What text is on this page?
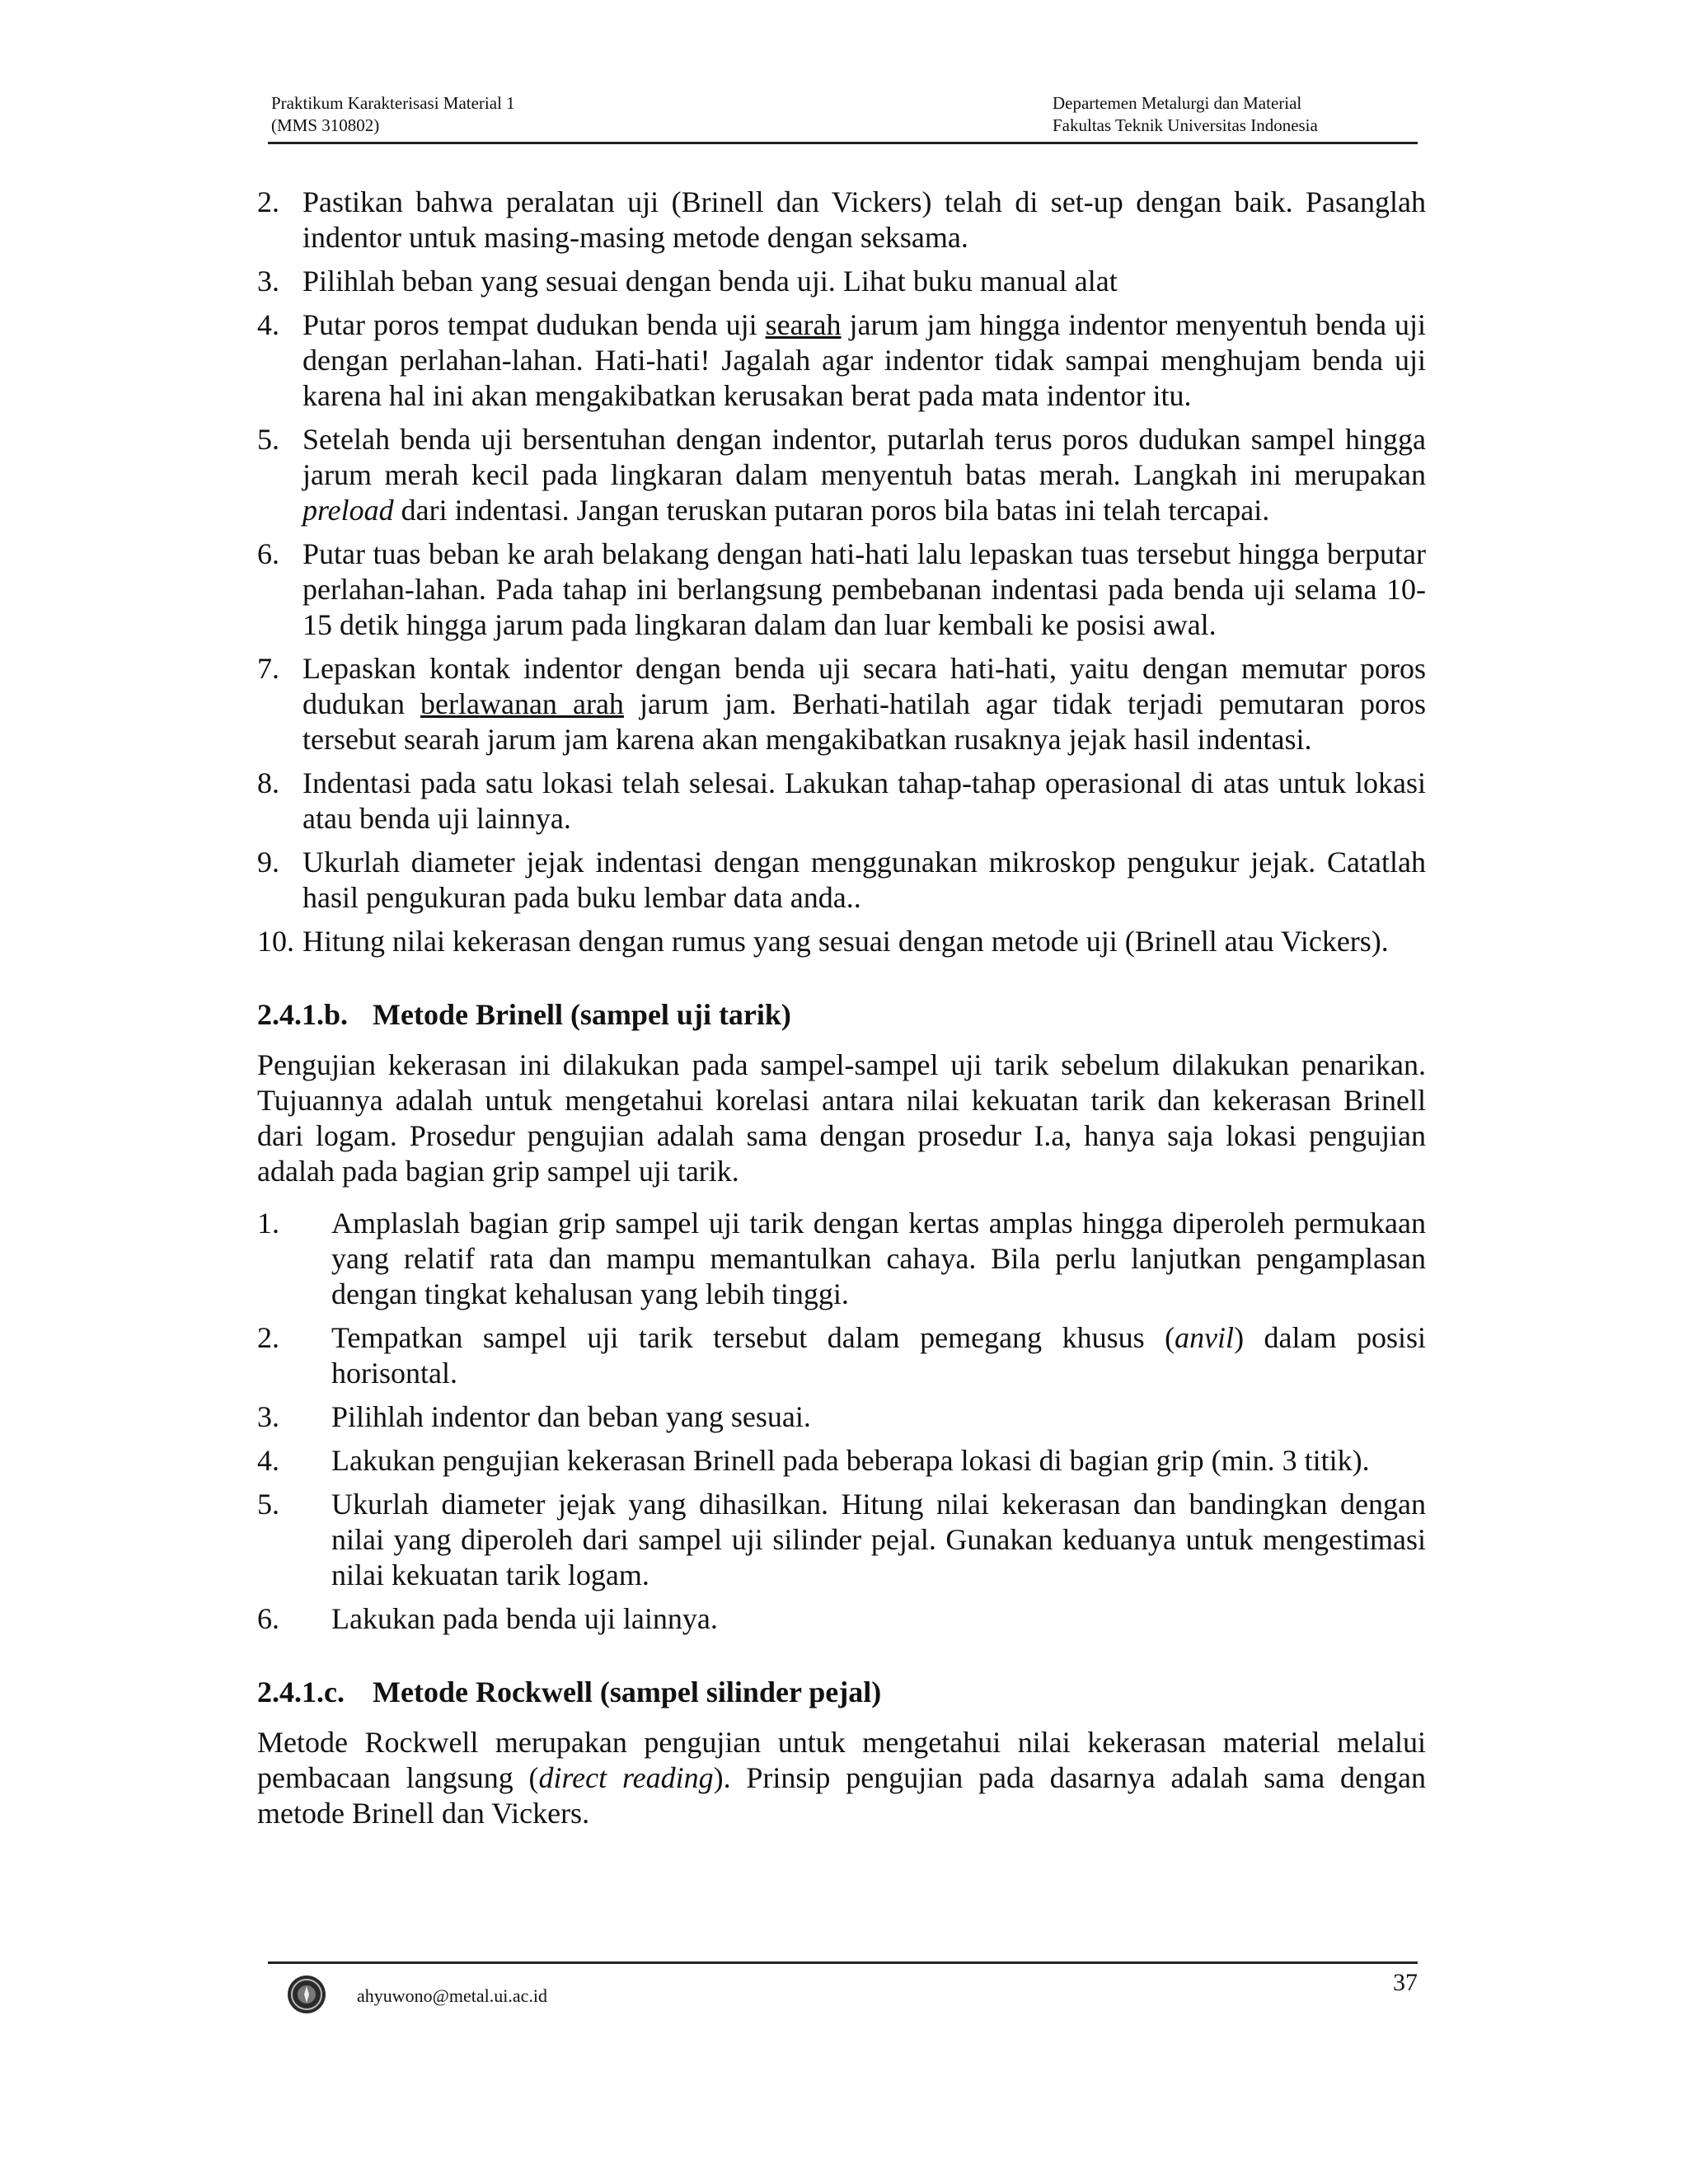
Praktikum Karakterisasi Material 1
(MMS 310802)
Departemen Metalurgi dan Material
Fakultas Teknik Universitas Indonesia
2. Pastikan bahwa peralatan uji (Brinell dan Vickers) telah di set-up dengan baik. Pasanglah indentor untuk masing-masing metode dengan seksama.
3. Pilihlah beban yang sesuai dengan benda uji. Lihat buku manual alat
4. Putar poros tempat dudukan benda uji searah jarum jam hingga indentor menyentuh benda uji dengan perlahan-lahan. Hati-hati! Jagalah agar indentor tidak sampai menghujam benda uji karena hal ini akan mengakibatkan kerusakan berat pada mata indentor itu.
5. Setelah benda uji bersentuhan dengan indentor, putarlah terus poros dudukan sampel hingga jarum merah kecil pada lingkaran dalam menyentuh batas merah. Langkah ini merupakan preload dari indentasi. Jangan teruskan putaran poros bila batas ini telah tercapai.
6. Putar tuas beban ke arah belakang dengan hati-hati lalu lepaskan tuas tersebut hingga berputar perlahan-lahan. Pada tahap ini berlangsung pembebanan indentasi pada benda uji selama 10-15 detik hingga jarum pada lingkaran dalam dan luar kembali ke posisi awal.
7. Lepaskan kontak indentor dengan benda uji secara hati-hati, yaitu dengan memutar poros dudukan berlawanan arah jarum jam. Berhati-hatilah agar tidak terjadi pemutaran poros tersebut searah jarum jam karena akan mengakibatkan rusaknya jejak hasil indentasi.
8. Indentasi pada satu lokasi telah selesai. Lakukan tahap-tahap operasional di atas untuk lokasi atau benda uji lainnya.
9. Ukurlah diameter jejak indentasi dengan menggunakan mikroskop pengukur jejak. Catatlah hasil pengukuran pada buku lembar data anda..
10. Hitung nilai kekerasan dengan rumus yang sesuai dengan metode uji (Brinell atau Vickers).
2.4.1.b. Metode Brinell (sampel uji tarik)
Pengujian kekerasan ini dilakukan pada sampel-sampel uji tarik sebelum dilakukan penarikan. Tujuannya adalah untuk mengetahui korelasi antara nilai kekuatan tarik dan kekerasan Brinell dari logam. Prosedur pengujian adalah sama dengan prosedur I.a, hanya saja lokasi pengujian adalah pada bagian grip sampel uji tarik.
1.	Amplaslah bagian grip sampel uji tarik dengan kertas amplas hingga diperoleh permukaan yang relatif rata dan mampu memantulkan cahaya. Bila perlu lanjutkan pengamplasan dengan tingkat kehalusan yang lebih tinggi.
2.	Tempatkan sampel uji tarik tersebut dalam pemegang khusus (anvil) dalam posisi horisontal.
3.	Pilihlah indentor dan beban yang sesuai.
4.	Lakukan pengujian kekerasan Brinell pada beberapa lokasi di bagian grip (min. 3 titik).
5.	Ukurlah diameter jejak yang dihasilkan. Hitung nilai kekerasan dan bandingkan dengan nilai yang diperoleh dari sampel uji silinder pejal. Gunakan keduanya untuk mengestimasi nilai kekuatan tarik logam.
6.	Lakukan pada benda uji lainnya.
2.4.1.c. Metode Rockwell (sampel silinder pejal)
Metode Rockwell merupakan pengujian untuk mengetahui nilai kekerasan material melalui pembacaan langsung (direct reading). Prinsip pengujian pada dasarnya adalah sama dengan metode Brinell dan Vickers.
ahyuwono@metal.ui.ac.id	37
